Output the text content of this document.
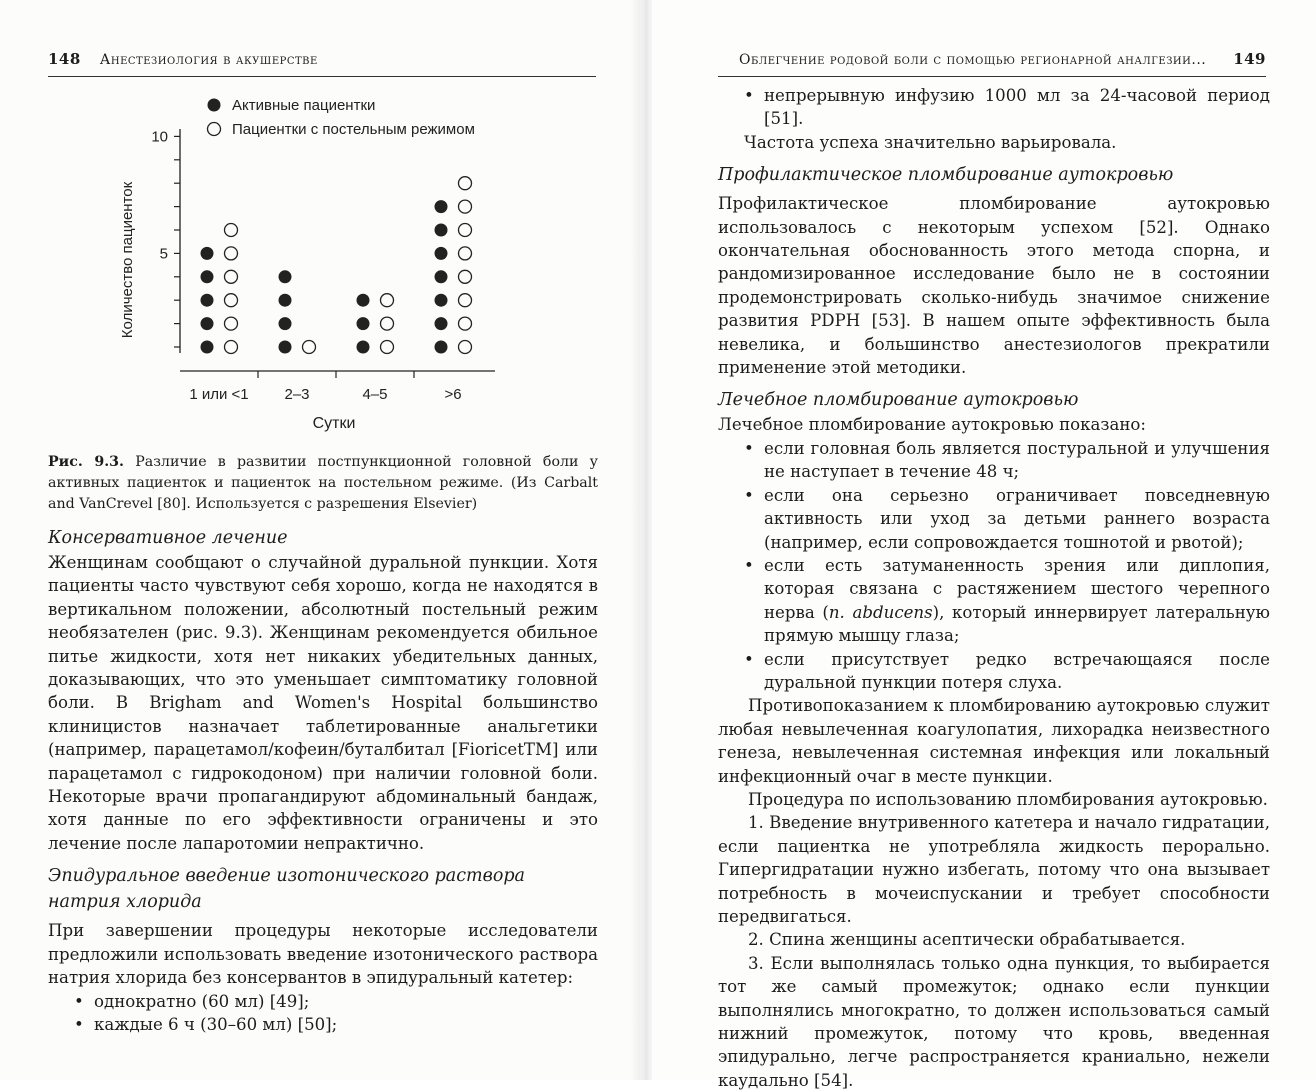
148 Анестезиология в акушерстве
Активные пациентки
Пациентки с постельным режимом
5
10
1 или <1 2–3	4–5	>6
Количество пациенток
Сутки
Рис. 9.3. Различие в развитии постпункционной головной боли у активных пациенток и пациенток на постельном режиме. (Из Carbalt and VanCrevel [80]. Используется с разрешения Elsevier)

Консервативное лечение

Женщинам сообщают о случайной дуральной пункции. Хотя пациенты часто чувствуют себя хорошо, когда не находятся в вертикальном положении, абсолютный постельный режим необязателен (рис. 9.3). Женщинам рекомендуется обильное питье жидкости, хотя нет никаких убедительных данных, доказывающих, что это уменьшает симптоматику головной боли. В Brigham and Women's Hospital большинство клиницистов назначает таблетированные анальгетики (например, парацетамол/кофеин/буталбитал [FioricetTM] или парацетамол с гидрокодоном) при наличии головной боли. Некоторые врачи пропагандируют абдоминальный бандаж, хотя данные по его эффективности ограничены и это лечение после лапаротомии непрактично.

Эпидуральное введение изотонического раствора натрия хлорида

При завершении процедуры некоторые исследователи предложили использовать введение изотонического раствора натрия хлорида без консервантов в эпидуральный катетер:

• однократно (60 мл) [49];
• каждые 6 ч (30–60 мл) [50];
Облегчение родовой боли с помощью регионарной аналгезии... 149
• непрерывную инфузию 1000 мл за 24-часовой период [51].

Частота успеха значительно варьировала.

Профилактическое пломбирование аутокровью

Профилактическое пломбирование аутокровью использовалось с некоторым успехом [52]. Однако окончательная обоснованность этого метода спорна, и рандомизированное исследование было не в состоянии продемонстрировать сколько-нибудь значимое снижение развития PDPH [53]. В нашем опыте эффективность была невелика, и большинство анестезиологов прекратили применение этой методики.

Лечебное пломбирование аутокровью

Лечебное пломбирование аутокровью показано:

• если головная боль является постуральной и улучшения не наступает в течение 48 ч;
• если она серьезно ограничивает повседневную активность или уход за детьми раннего возраста (например, если сопровождается тошнотой и рвотой);
• если есть затуманенность зрения или диплопия, которая связана с растяжением шестого черепного нерва (n. abducens), который иннервирует латеральную прямую мышцу глаза;
• если присутствует редко встречающаяся после дуральной пункции потеря слуха.

Противопоказанием к пломбированию аутокровью служит любая невылеченная коагулопатия, лихорадка неизвестного генеза, невылеченная системная инфекция или локальный инфекционный очаг в месте пункции.

Процедура по использованию пломбирования аутокровью.

1. Введение внутривенного катетера и начало гидратации, если пациентка не употребляла жидкость перорально. Гипергидратации нужно избегать, потому что она вызывает потребность в мочеиспускании и требует способности передвигаться.

2. Спина женщины асептически обрабатывается.

3. Если выполнялась только одна пункция, то выбирается тот же самый промежуток; однако если пункции выполнялись многократно, то должен использоваться самый нижний промежуток, потому что кровь, введенная эпидурально, легче распространяется краниально, нежели каудально [54].
